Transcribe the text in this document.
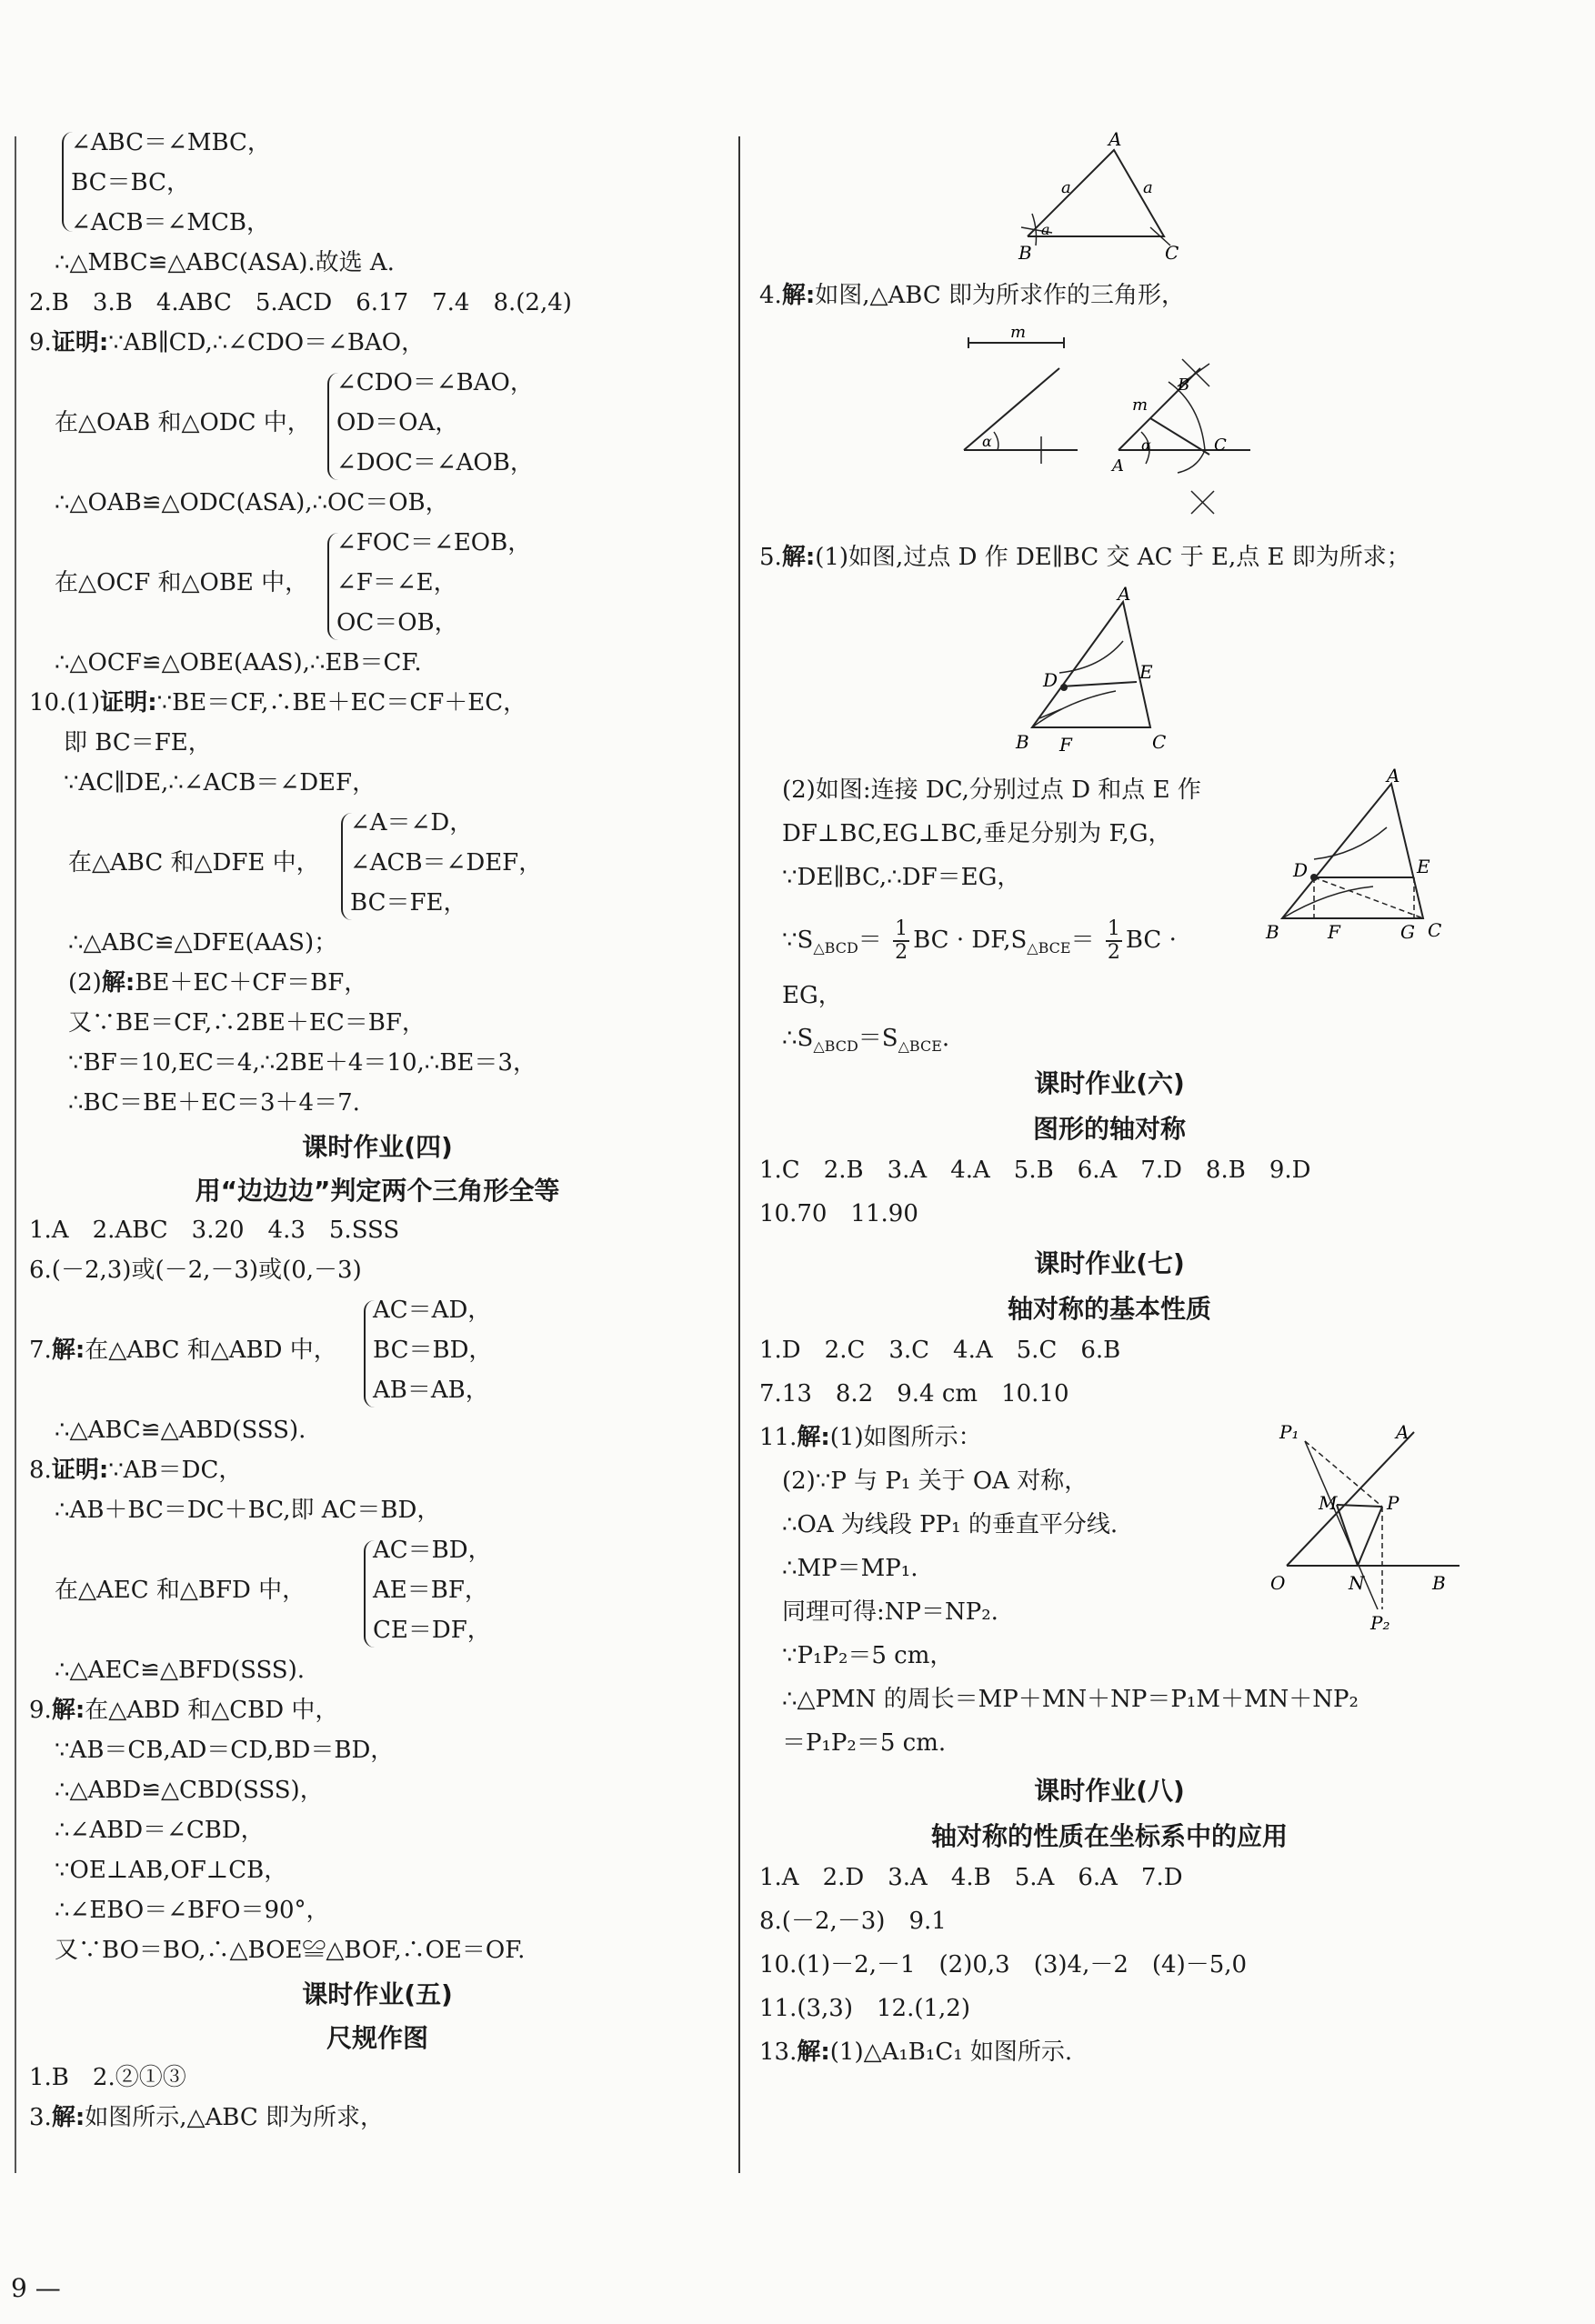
∠ABC＝∠MBC，
BC＝BC，
∠ACB＝∠MCB，
∴△MBC≌△ABC(ASA).故选 A.
2.B　3.B　4.ABC　5.ACD　6.17　7.4　8.(2,4)
9.证明:∵AB∥CD,∴∠CDO＝∠BAO，
∠CDO＝∠BAO，
在△OAB 和△ODC 中， OD＝OA，
∠DOC＝∠AOB，
∴△OAB≌△ODC(ASA),∴OC＝OB，
∠FOC＝∠EOB，
在△OCF 和△OBE 中， ∠F＝∠E，
OC＝OB，
∴△OCF≌△OBE(AAS),∴EB＝CF.
10.(1)证明:∵BE＝CF,∴BE＋EC＝CF＋EC，
即 BC＝FE，
∵AC∥DE,∴∠ACB＝∠DEF，
∠A＝∠D，
在△ABC 和△DFE 中， ∠ACB＝∠DEF，
BC＝FE，
∴△ABC≌△DFE(AAS)；
(2)解:BE＋EC＋CF＝BF，
又∵BE＝CF,∴2BE＋EC＝BF，
∵BF＝10,EC＝4,∴2BE＋4＝10,∴BE＝3，
∴BC＝BE＋EC＝3＋4＝7.
课时作业(四)
用“边边边”判定两个三角形全等
1.A　2.ABC　3.20　4.3　5.SSS
6.(－2,3)或(－2,－3)或(0,－3)
AC＝AD，
7.解:在△ABC 和△ABD 中， BC＝BD，
AB＝AB，
∴△ABC≌△ABD(SSS).
8.证明:∵AB＝DC，
∴AB＋BC＝DC＋BC,即 AC＝BD，
AC＝BD，
在△AEC 和△BFD 中，	AE＝BF，
CE＝DF，
∴△AEC≌△BFD(SSS).
9.解:在△ABD 和△CBD 中，
∵AB＝CB,AD＝CD,BD＝BD，
∴△ABD≌△CBD(SSS)，
∴∠ABD＝∠CBD，
∵OE⊥AB,OF⊥CB，
∴∠EBO＝∠BFO＝90°，
又∵BO＝BO,∴△BOE≌△BOF,∴OE＝OF.
课时作业(五)
尺规作图
1.B　2.②①③
3.解:如图所示,△ABC 即为所求，
A
B	C
a	a
a
4.解:如图,△ABC 即为所求作的三角形，
m
α
m
A
B
C
α
5.解:(1)如图,过点 D 作 DE∥BC 交 AC 于 E,点 E 即为所求；
A
D	E
B F	C
(2)如图:连接 DC,分别过点 D 和点 E 作
DF⊥BC,EG⊥BC,垂足分别为 F,G，
∵DE∥BC,∴DF＝EG，
A
D	E
B	F	G C
$\because S_{\triangle BCD}= \frac{1}{2}$ BC · $DF,S_{\triangle BCE}= \frac{1}{2}$ BC ·
EG，
$\therefore S_{\triangle BCD}=S_{\triangle BCE}$.
课时作业(六)
图形的轴对称
1.C　2.B　3.A　4.A　5.B　6.A　7.D　8.B　9.D
10.70　11.90
课时作业(七)
轴对称的基本性质
1.D　2.C　3.C　4.A　5.C　6.B
7.13　8.2　9.4 cm　10.10
11.解:(1)如图所示：
(2)∵P 与 P₁ 关于 OA 对称，
∴OA 为线段 PP₁ 的垂直平分线.
∴MP＝MP₁.
同理可得:NP＝NP₂.
P₁	A
M	P
O	N	B
P₂
∵P₁P₂＝5 cm，
∴△PMN 的周长＝MP＋MN＋NP＝P₁M＋MN＋NP₂
＝P₁P₂＝5 cm.
课时作业(八)
轴对称的性质在坐标系中的应用
1.A　2.D　3.A　4.B　5.A　6.A　7.D
8.(－2,－3)　9.1
10.(1)－2,－1　(2)0,3　(3)4,－2　(4)－5,0
11.(3,3)　12.(1,2)
13.解:(1)△A₁B₁C₁ 如图所示.
9 —
